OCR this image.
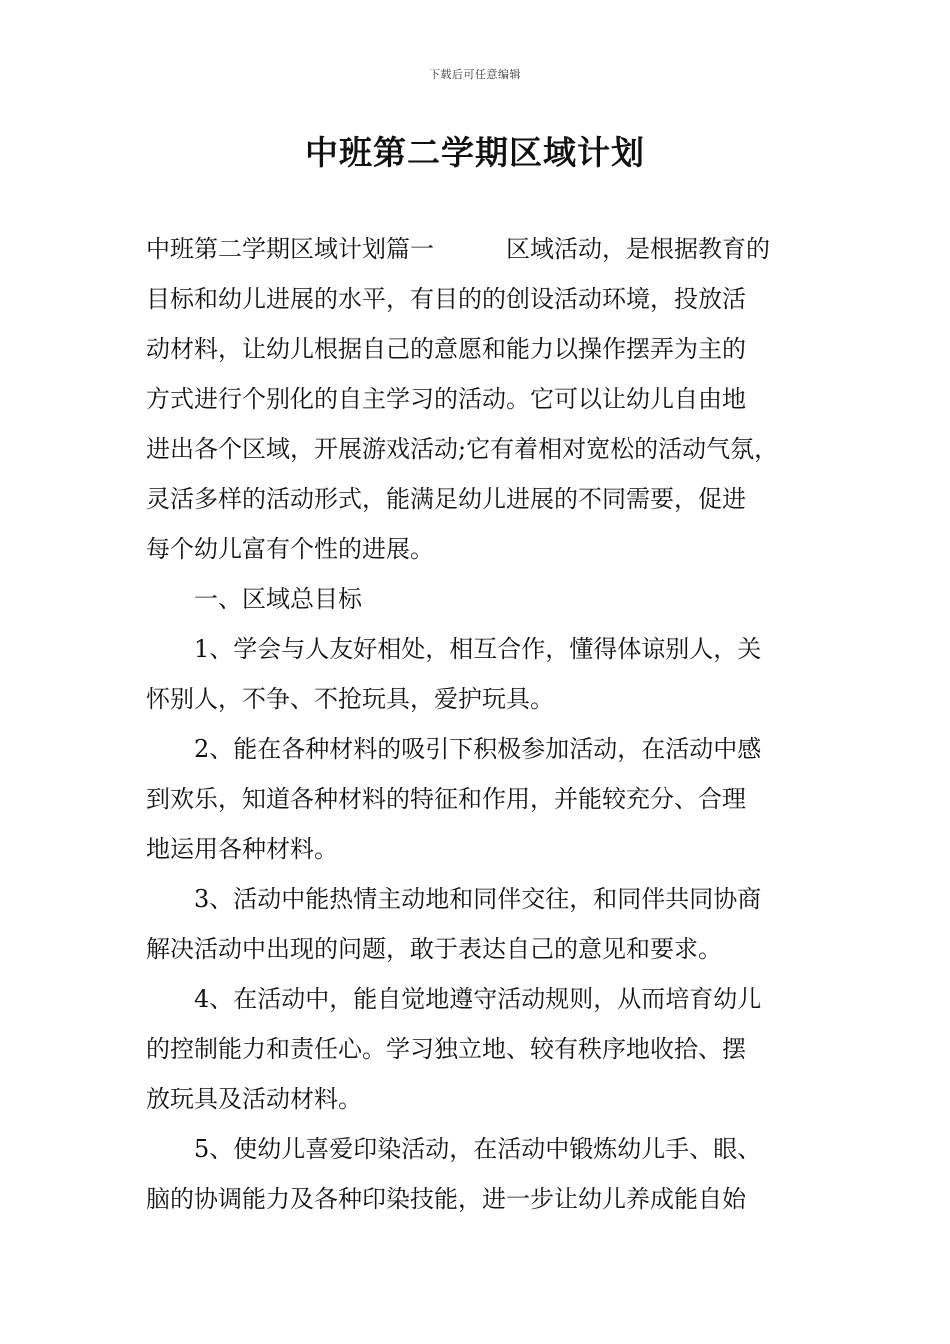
下载后可任意编辑
中班第二学期区域计划
中班第二学期区域计划篇一	区域活动，是根据教育的
目标和幼儿进展的水平，有目的的创设活动环境，投放活
动材料，让幼儿根据自己的意愿和能力以操作摆弄为主的
方式进行个别化的自主学习的活动。它可以让幼儿自由地
进出各个区域，开展游戏活动;它有着相对宽松的活动气氛，
灵活多样的活动形式，能满足幼儿进展的不同需要，促进
每个幼儿富有个性的进展。
一、区域总目标
1、学会与人友好相处，相互合作，懂得体谅别人，关
怀别人，不争、不抢玩具，爱护玩具。
2、能在各种材料的吸引下积极参加活动，在活动中感
到欢乐，知道各种材料的特征和作用，并能较充分、合理
地运用各种材料。
3、活动中能热情主动地和同伴交往，和同伴共同协商
解决活动中出现的问题，敢于表达自己的意见和要求。
4、在活动中，能自觉地遵守活动规则，从而培育幼儿
的控制能力和责任心。学习独立地、较有秩序地收拾、摆
放玩具及活动材料。
5、使幼儿喜爱印染活动，在活动中锻炼幼儿手、眼、
脑的协调能力及各种印染技能，进一步让幼儿养成能自始
